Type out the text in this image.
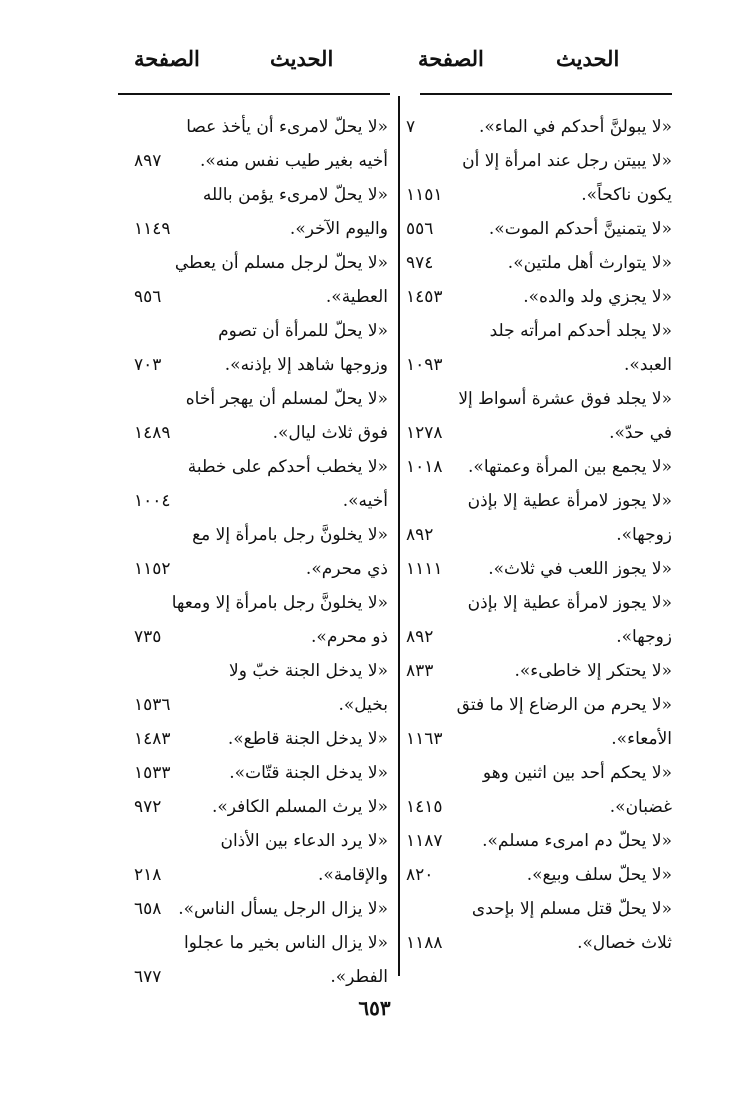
الحديث
الصفحة
الحديث
الصفحة
«لا يبولنَّ أحدكم في الماء».
٧
«لا يبيتن رجل عند امرأة إلا أن
يكون ناكحاً».
١١٥١
«لا يتمنينَّ أحدكم الموت».
٥٥٦
«لا يتوارث أهل ملتين».
٩٧٤
«لا يجزي ولد والده».
١٤٥٣
«لا يجلد أحدكم امرأته جلد
العبد».
١٠٩٣
«لا يجلد فوق عشرة أسواط إلا
في حدّ».
١٢٧٨
«لا يجمع بين المرأة وعمتها».
١٠١٨
«لا يجوز لامرأة عطية إلا بإذن
زوجها».
٨٩٢
«لا يجوز اللعب في ثلاث».
١١١١
«لا يجوز لامرأة عطية إلا بإذن
زوجها».
٨٩٢
«لا يحتكر إلا خاطىء».
٨٣٣
«لا يحرم من الرضاع إلا ما فتق
الأمعاء».
١١٦٣
«لا يحكم أحد بين اثنين وهو
غضبان».
١٤١٥
«لا يحلّ دم امرىء مسلم».
١١٨٧
«لا يحلّ سلف وبيع».
٨٢٠
«لا يحلّ قتل مسلم إلا بإحدى
ثلاث خصال».
١١٨٨
«لا يحلّ لامرىء أن يأخذ عصا
أخيه بغير طيب نفس منه».
٨٩٧
«لا يحلّ لامرىء يؤمن بالله
واليوم الآخر».
١١٤٩
«لا يحلّ لرجل مسلم أن يعطي
العطية».
٩٥٦
«لا يحلّ للمرأة أن تصوم
وزوجها شاهد إلا بإذنه».
٧٠٣
«لا يحلّ لمسلم أن يهجر أخاه
فوق ثلاث ليال».
١٤٨٩
«لا يخطب أحدكم على خطبة
أخيه».
١٠٠٤
«لا يخلونَّ رجل بامرأة إلا مع
ذي محرم».
١١٥٢
«لا يخلونَّ رجل بامرأة إلا ومعها
ذو محرم».
٧٣٥
«لا يدخل الجنة خبّ ولا
بخيل».
١٥٣٦
«لا يدخل الجنة قاطع».
١٤٨٣
«لا يدخل الجنة قتّات».
١٥٣٣
«لا يرث المسلم الكافر».
٩٧٢
«لا يرد الدعاء بين الأذان
والإقامة».
٢١٨
«لا يزال الرجل يسأل الناس».
٦٥٨
«لا يزال الناس بخير ما عجلوا
الفطر».
٦٧٧
٦٥٣
